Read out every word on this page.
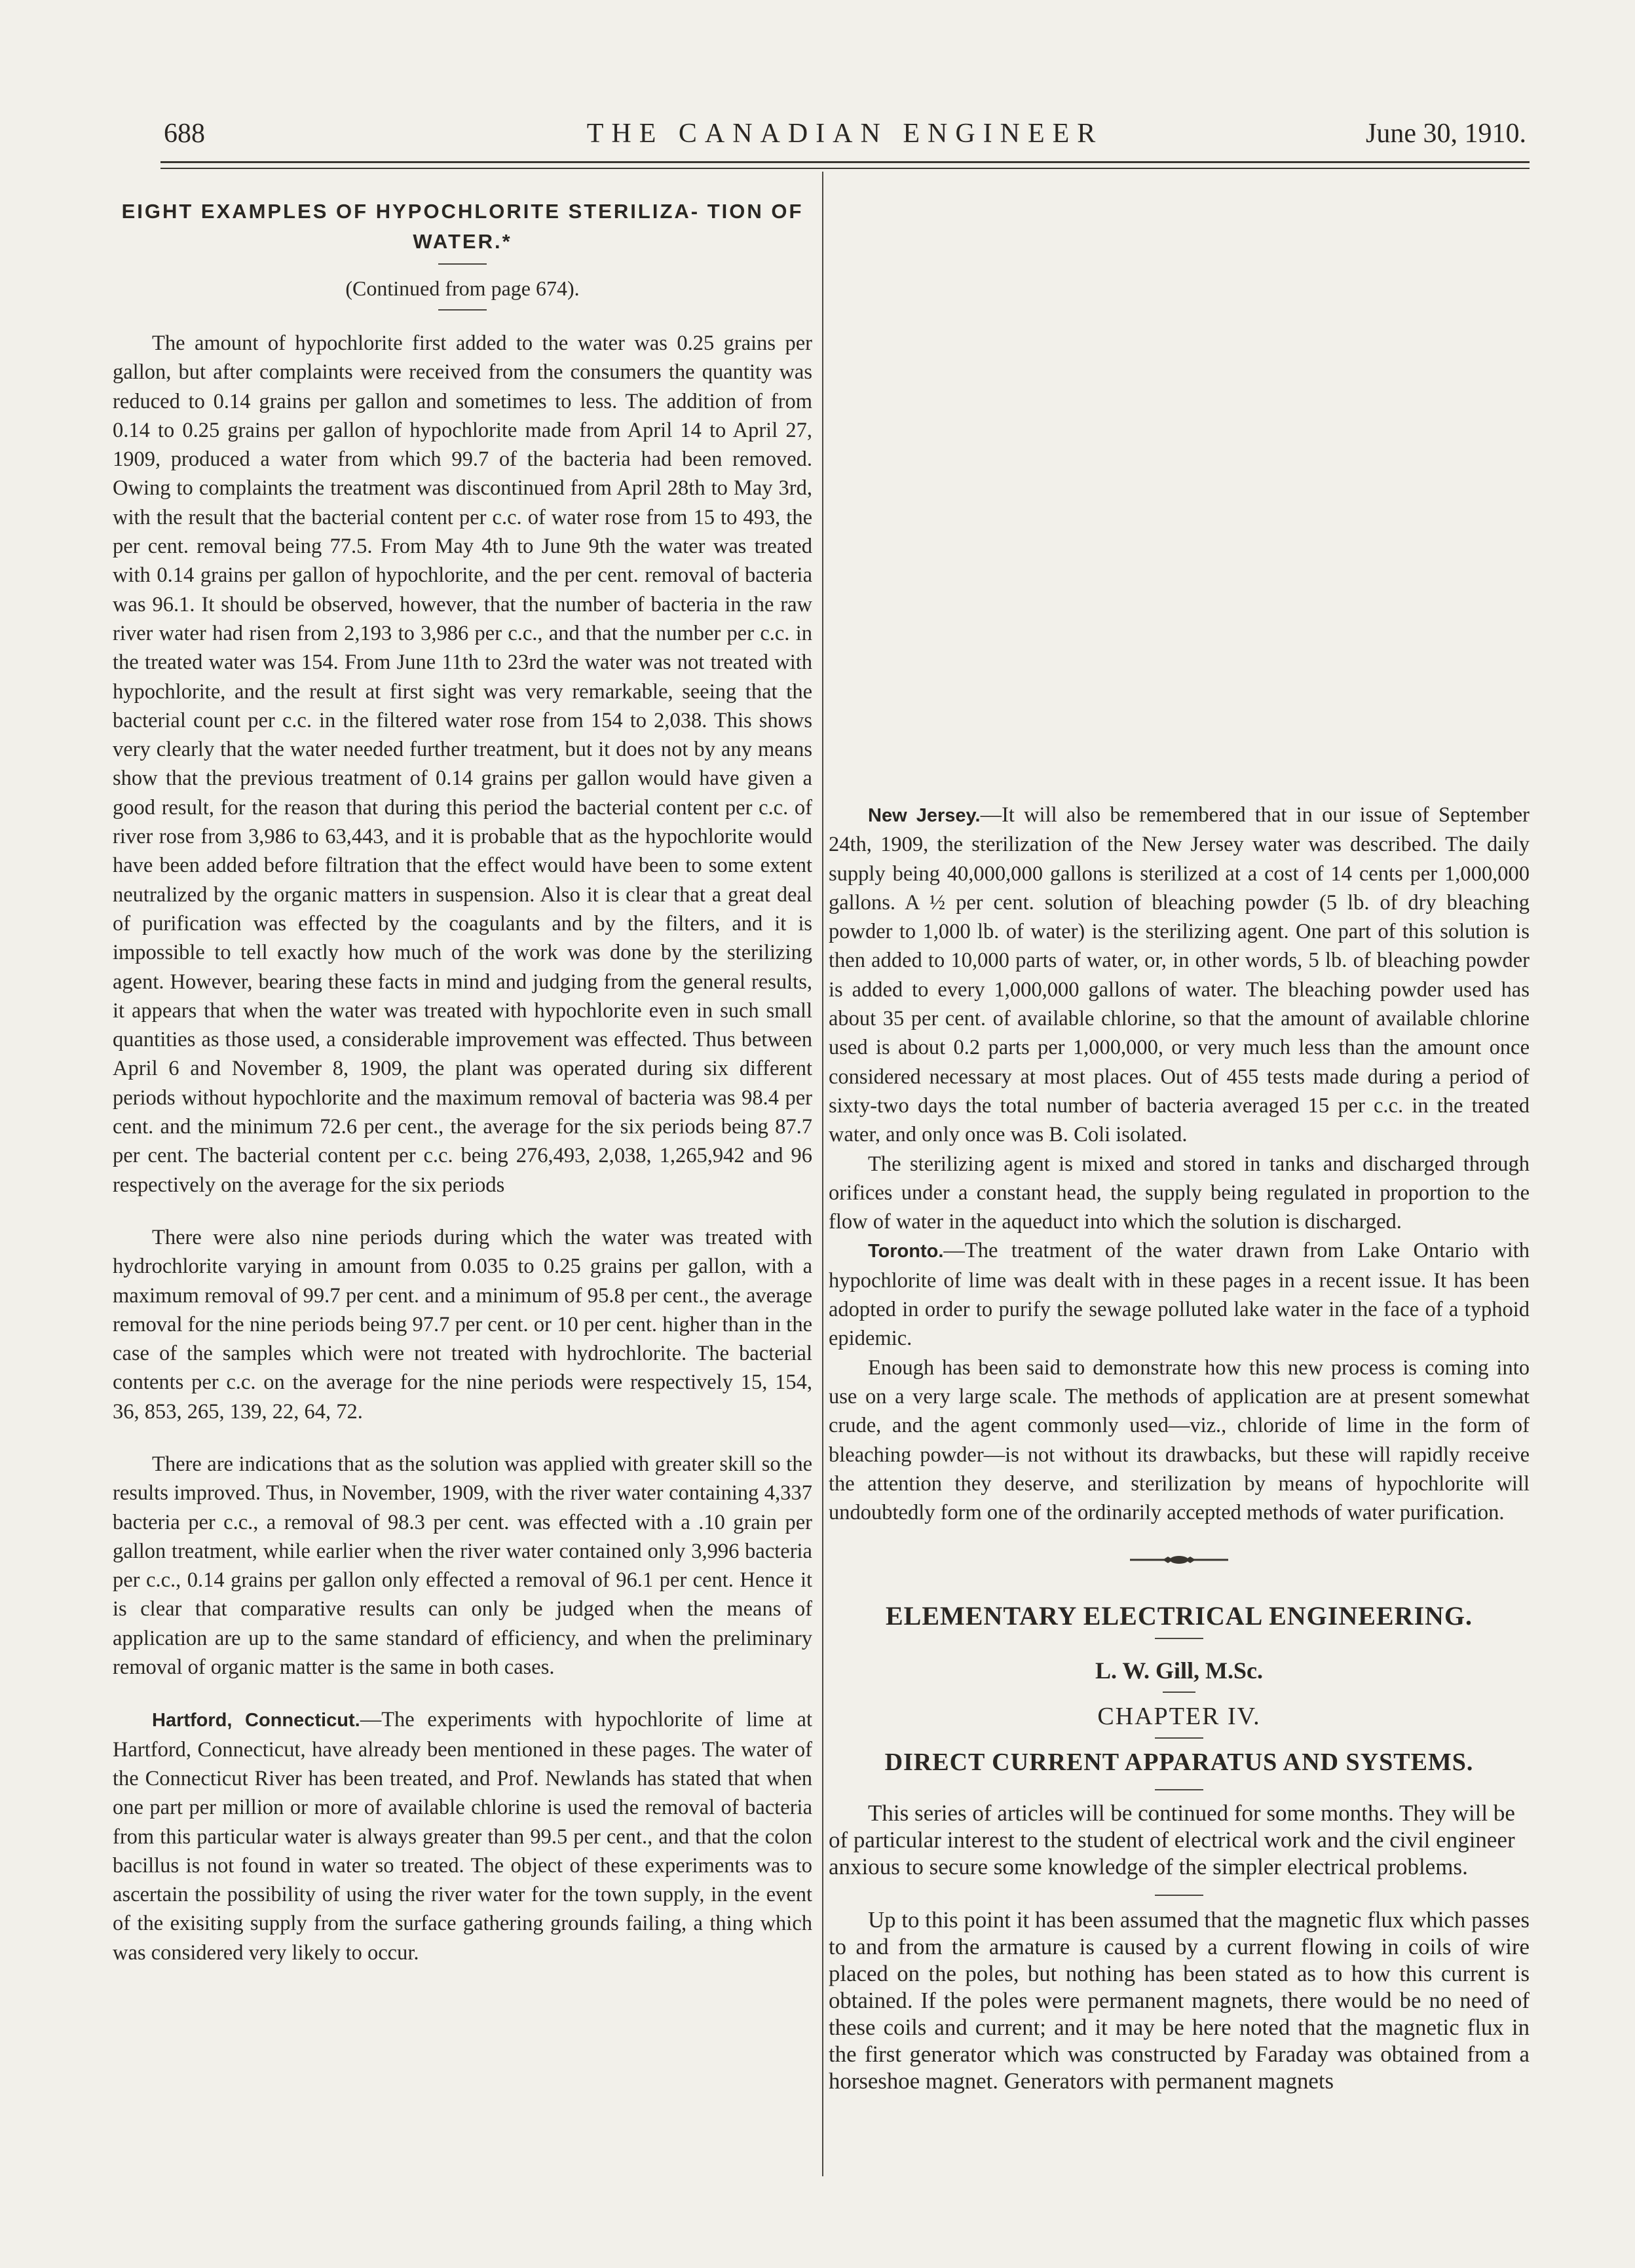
688	THE CANADIAN ENGINEER	June 30, 1910.
EIGHT EXAMPLES OF HYPOCHLORITE STERILIZA- TION OF WATER.*
(Continued from page 674).

The amount of hypochlorite first added to the water was 0.25 grains per gallon, but after complaints were received from the consumers the quantity was reduced to 0.14 grains per gallon and sometimes to less. The addition of from 0.14 to 0.25 grains per gallon of hypochlorite made from April 14 to April 27, 1909, produced a water from which 99.7 of the bacteria had been removed. Owing to complaints the treatment was discontinued from April 28th to May 3rd, with the result that the bacterial content per c.c. of water rose from 15 to 493, the per cent. removal being 77.5. From May 4th to June 9th the water was treated with 0.14 grains per gallon of hypochlorite, and the per cent. removal of bacteria was 96.1. It should be observed, however, that the number of bacteria in the raw river water had risen from 2,193 to 3,986 per c.c., and that the number per c.c. in the treated water was 154. From June 11th to 23rd the water was not treated with hypochlorite, and the result at first sight was very remarkable, seeing that the bacterial count per c.c. in the filtered water rose from 154 to 2,038. This shows very clearly that the water needed further treatment, but it does not by any means show that the previous treatment of 0.14 grains per gallon would have given a good result, for the reason that during this period the bacterial content per c.c. of river rose from 3,986 to 63,443, and it is probable that as the hypochlorite would have been added before filtration that the effect would have been to some extent neutralized by the organic matters in suspension. Also it is clear that a great deal of purification was effected by the coagulants and by the filters, and it is impossible to tell exactly how much of the work was done by the sterilizing agent. However, bearing these facts in mind and judging from the general results, it appears that when the water was treated with hypochlorite even in such small quantities as those used, a considerable improvement was effected. Thus between April 6 and November 8, 1909, the plant was operated during six different periods without hypochlorite and the maximum removal of bacteria was 98.4 per cent. and the minimum 72.6 per cent., the average for the six periods being 87.7 per cent. The bacterial content per c.c. being 276,493, 2,038, 1,265,942 and 96 respectively on the average for the six periods

There were also nine periods during which the water was treated with hydrochlorite varying in amount from 0.035 to 0.25 grains per gallon, with a maximum removal of 99.7 per cent. and a minimum of 95.8 per cent., the average removal for the nine periods being 97.7 per cent. or 10 per cent. higher than in the case of the samples which were not treated with hydrochlorite. The bacterial contents per c.c. on the average for the nine periods were respectively 15, 154, 36, 853, 265, 139, 22, 64, 72.

There are indications that as the solution was applied with greater skill so the results improved. Thus, in November, 1909, with the river water containing 4,337 bacteria per c.c., a removal of 98.3 per cent. was effected with a .10 grain per gallon treatment, while earlier when the river water contained only 3,996 bacteria per c.c., 0.14 grains per gallon only effected a removal of 96.1 per cent. Hence it is clear that comparative results can only be judged when the means of application are up to the same standard of efficiency, and when the preliminary removal of organic matter is the same in both cases.

Hartford, Connecticut.—The experiments with hypochlorite of lime at Hartford, Connecticut, have already been mentioned in these pages. The water of the Connecticut River has been treated, and Prof. Newlands has stated that when one part per million or more of available chlorine is used the removal of bacteria from this particular water is always greater than 99.5 per cent., and that the colon bacillus is not found in water so treated. The object of these experiments was to ascertain the possibility of using the river water for the town supply, in the event of the exisiting supply from the surface gathering grounds failing, a thing which was considered very likely to occur.

New Jersey.—It will also be remembered that in our issue of September 24th, 1909, the sterilization of the New Jersey water was described. The daily supply being 40,000,000 gallons is sterilized at a cost of 14 cents per 1,000,000 gallons. A ½ per cent. solution of bleaching powder (5 lb. of dry bleaching powder to 1,000 lb. of water) is the sterilizing agent. One part of this solution is then added to 10,000 parts of water, or, in other words, 5 lb. of bleaching powder is added to every 1,000,000 gallons of water. The bleaching powder used has about 35 per cent. of available chlorine, so that the amount of available chlorine used is about 0.2 parts per 1,000,000, or very much less than the amount once considered necessary at most places. Out of 455 tests made during a period of sixty-two days the total number of bacteria averaged 15 per c.c. in the treated water, and only once was B. Coli isolated.

The sterilizing agent is mixed and stored in tanks and discharged through orifices under a constant head, the supply being regulated in proportion to the flow of water in the aqueduct into which the solution is discharged.

Toronto.—The treatment of the water drawn from Lake Ontario with hypochlorite of lime was dealt with in these pages in a recent issue. It has been adopted in order to purify the sewage polluted lake water in the face of a typhoid epidemic.

Enough has been said to demonstrate how this new process is coming into use on a very large scale. The methods of application are at present somewhat crude, and the agent commonly used—viz., chloride of lime in the form of bleaching powder—is not without its drawbacks, but these will rapidly receive the attention they deserve, and sterilization by means of hypochlorite will undoubtedly form one of the ordinarily accepted methods of water purification.

ELEMENTARY ELECTRICAL ENGINEERING.
L. W. Gill, M.Sc.
CHAPTER IV.
DIRECT CURRENT APPARATUS AND SYSTEMS.

This series of articles will be continued for some months. They will be of particular interest to the student of electrical work and the civil engineer anxious to secure some knowledge of the simpler electrical problems.

Up to this point it has been assumed that the magnetic flux which passes to and from the armature is caused by a current flowing in coils of wire placed on the poles, but nothing has been stated as to how this current is obtained. If the poles were permanent magnets, there would be no need of these coils and current; and it may be here noted that the magnetic flux in the first generator which was constructed by Faraday was obtained from a horseshoe magnet. Generators with permanent magnets
